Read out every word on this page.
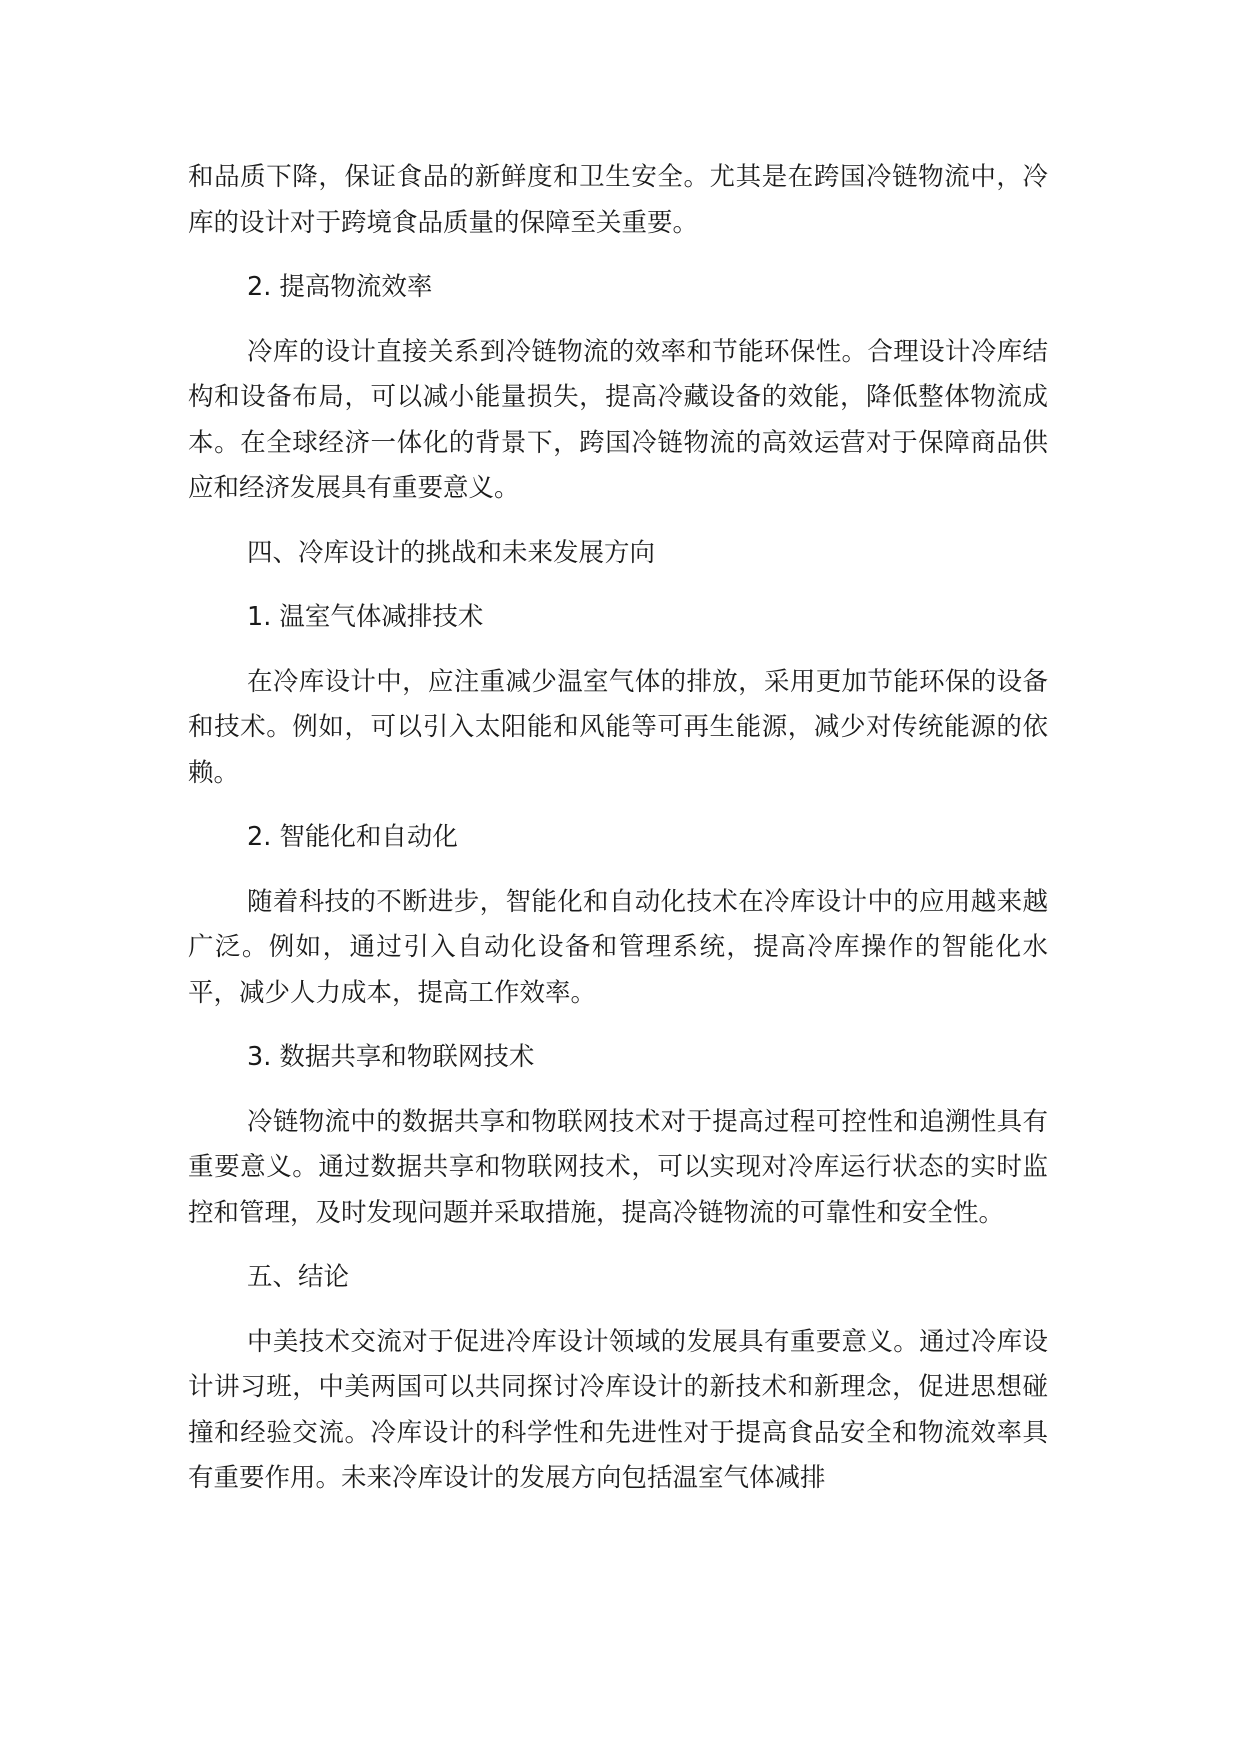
和品质下降，保证食品的新鲜度和卫生安全。尤其是在跨国冷链物流中，冷库的设计对于跨境食品质量的保障至关重要。

2. 提高物流效率

冷库的设计直接关系到冷链物流的效率和节能环保性。合理设计冷库结构和设备布局，可以减小能量损失，提高冷藏设备的效能，降低整体物流成本。在全球经济一体化的背景下，跨国冷链物流的高效运营对于保障商品供应和经济发展具有重要意义。

四、冷库设计的挑战和未来发展方向

1. 温室气体减排技术

在冷库设计中，应注重减少温室气体的排放，采用更加节能环保的设备和技术。例如，可以引入太阳能和风能等可再生能源，减少对传统能源的依赖。

2. 智能化和自动化

随着科技的不断进步，智能化和自动化技术在冷库设计中的应用越来越广泛。例如，通过引入自动化设备和管理系统，提高冷库操作的智能化水平，减少人力成本，提高工作效率。

3. 数据共享和物联网技术

冷链物流中的数据共享和物联网技术对于提高过程可控性和追溯性具有重要意义。通过数据共享和物联网技术，可以实现对冷库运行状态的实时监控和管理，及时发现问题并采取措施，提高冷链物流的可靠性和安全性。

五、结论

中美技术交流对于促进冷库设计领域的发展具有重要意义。通过冷库设计讲习班，中美两国可以共同探讨冷库设计的新技术和新理念，促进思想碰撞和经验交流。冷库设计的科学性和先进性对于提高食品安全和物流效率具有重要作用。未来冷库设计的发展方向包括温室气体减排
